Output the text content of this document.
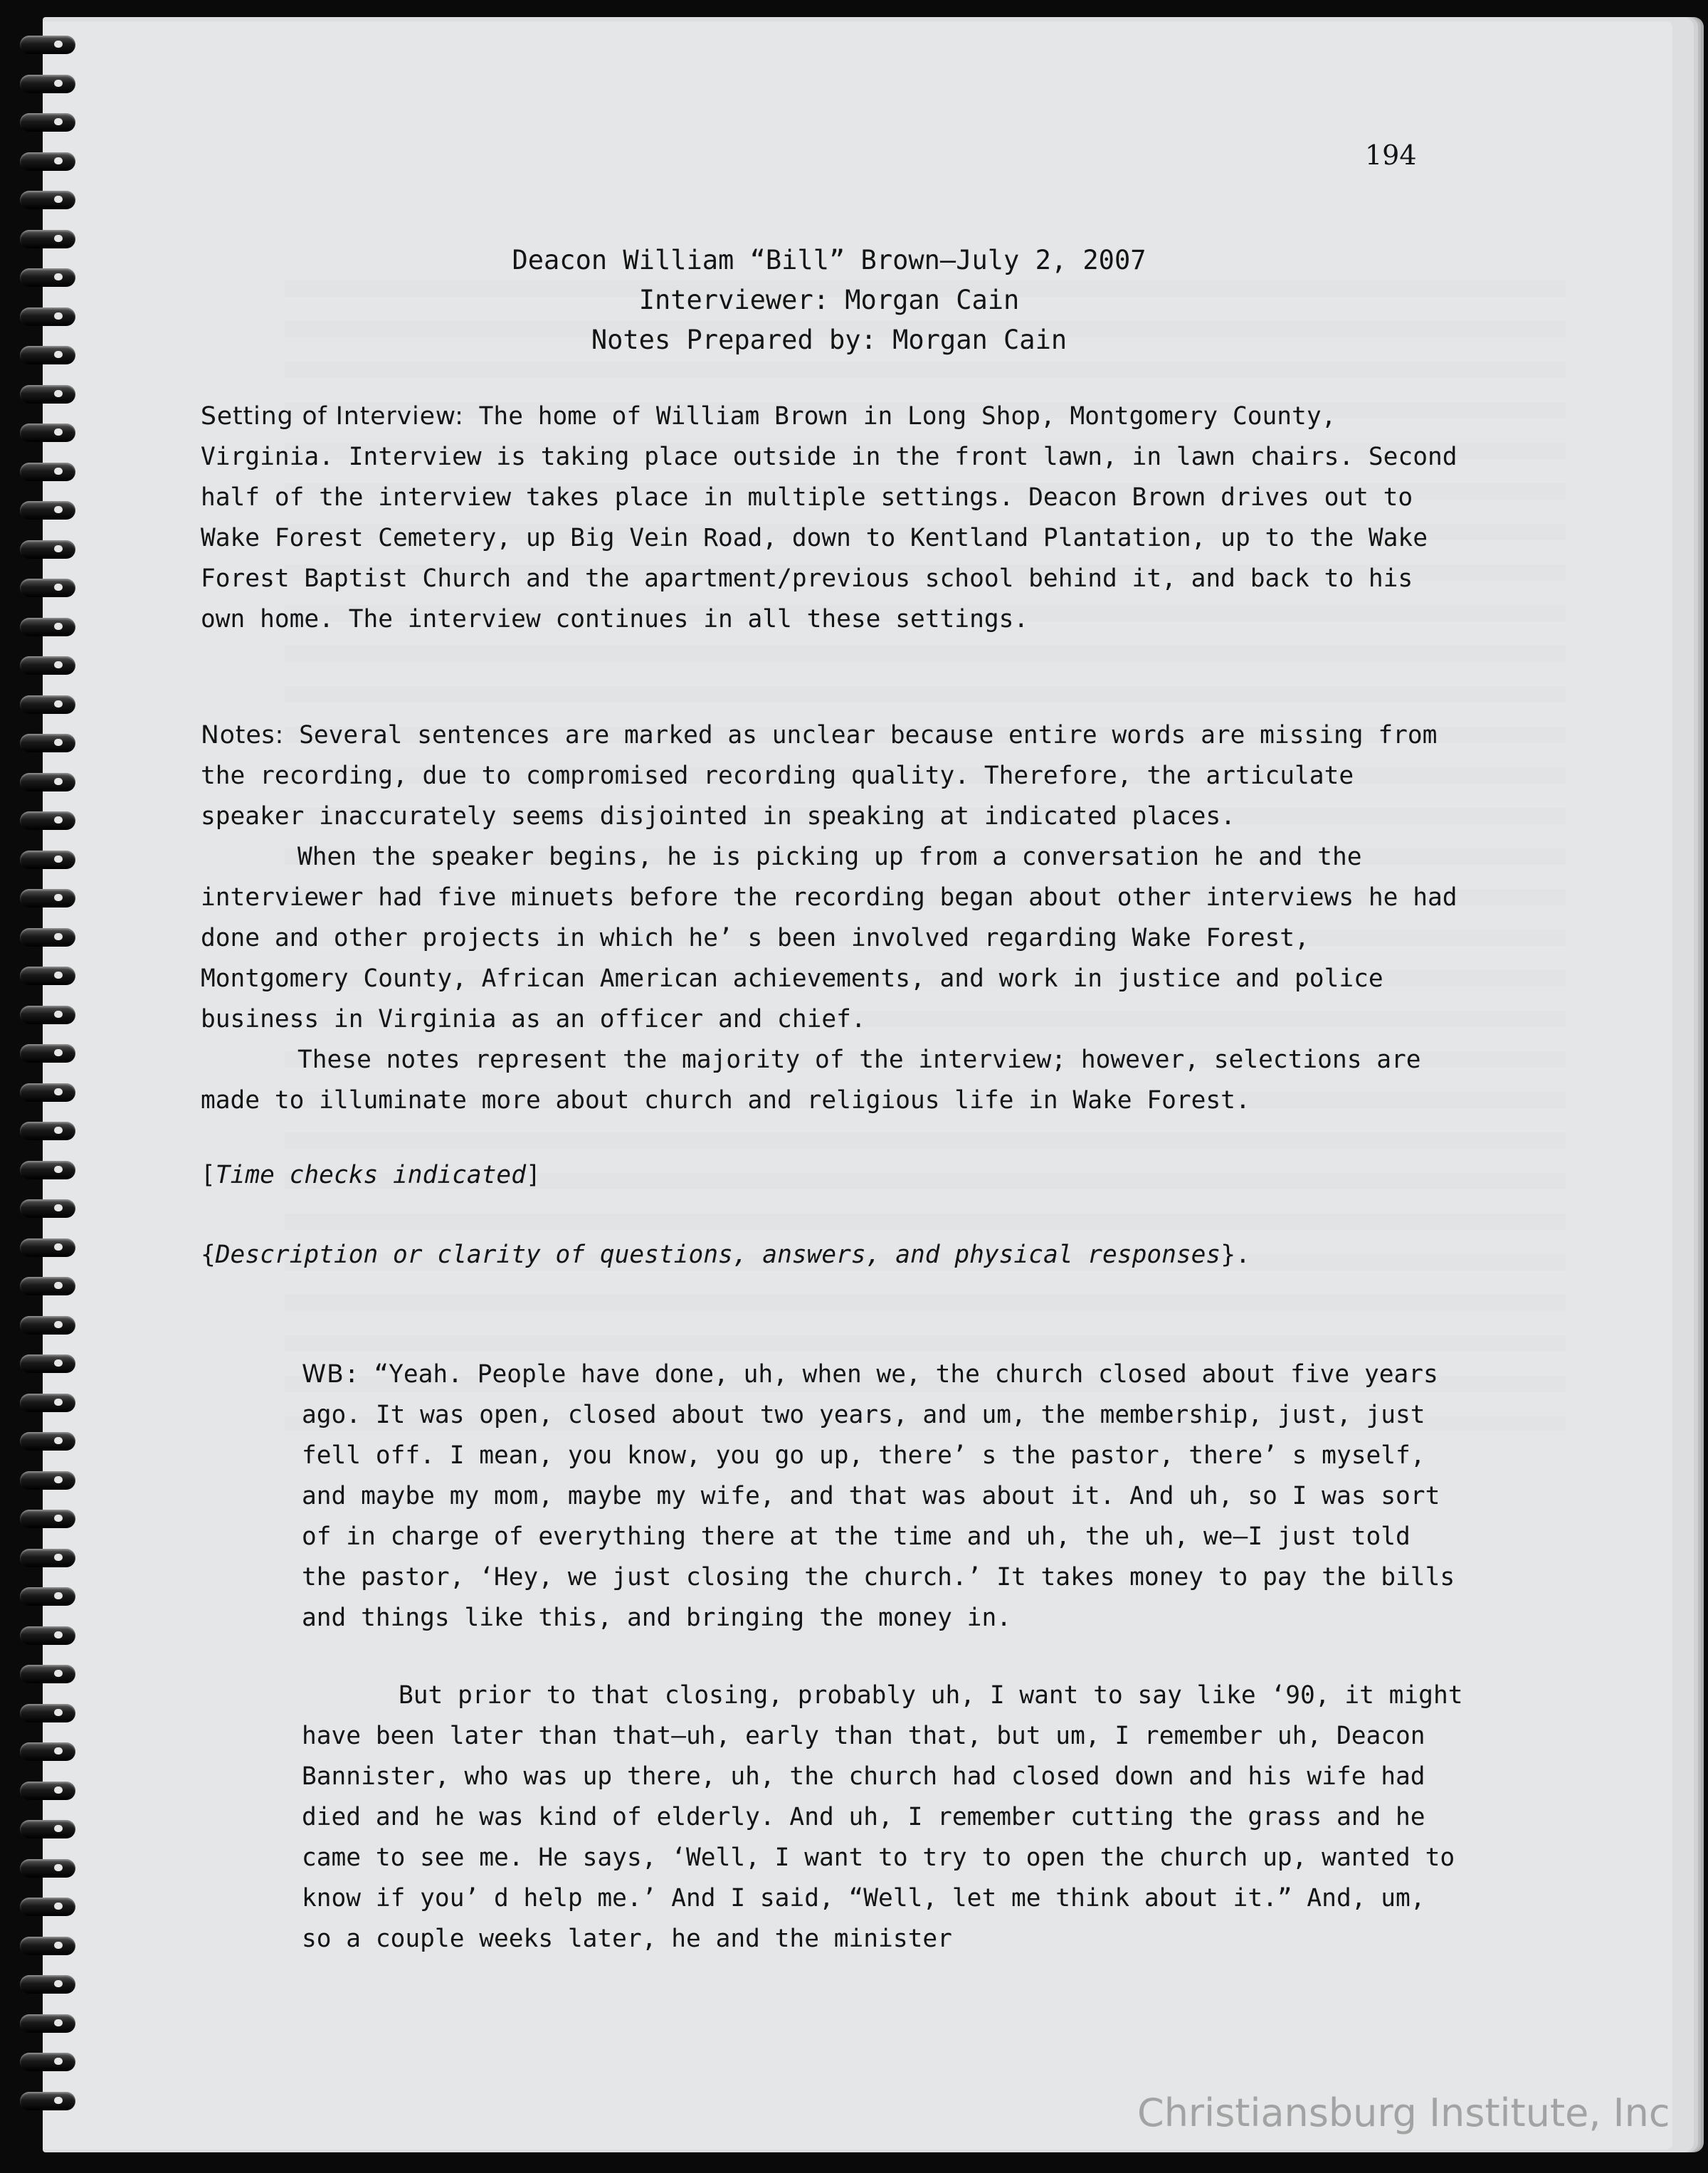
194
Deacon William “Bill” Brown—July 2, 2007
Interviewer: Morgan Cain
Notes Prepared by: Morgan Cain

Setting of Interview: The home of William Brown in Long Shop, Montgomery County, Virginia. Interview is taking place outside in the front lawn, in lawn chairs. Second half of the interview takes place in multiple settings. Deacon Brown drives out to Wake Forest Cemetery, up Big Vein Road, down to Kentland Plantation, up to the Wake Forest Baptist Church and the apartment/previous school behind it, and back to his own home. The interview continues in all these settings.

Notes: Several sentences are marked as unclear because entire words are missing from the recording, due to compromised recording quality. Therefore, the articulate speaker inaccurately seems disjointed in speaking at indicated places.

When the speaker begins, he is picking up from a conversation he and the interviewer had five minuets before the recording began about other interviews he had done and other projects in which he’ s been involved regarding Wake Forest, Montgomery County, African American achievements, and work in justice and police business in Virginia as an officer and chief.

These notes represent the majority of the interview; however, selections are made to illuminate more about church and religious life in Wake Forest.

[Time checks indicated]

{Description or clarity of questions, answers, and physical responses}.

WB: “Yeah. People have done, uh, when we, the church closed about five years ago. It was open, closed about two years, and um, the membership, just, just fell off. I mean, you know, you go up, there’ s the pastor, there’ s myself, and maybe my mom, maybe my wife, and that was about it. And uh, so I was sort of in charge of everything there at the time and uh, the uh, we—I just told the pastor, ‘Hey, we just closing the church.’ It takes money to pay the bills and things like this, and bringing the money in.

But prior to that closing, probably uh, I want to say like ‘90, it might have been later than that—uh, early than that, but um, I remember uh, Deacon Bannister, who was up there, uh, the church had closed down and his wife had died and he was kind of elderly. And uh, I remember cutting the grass and he came to see me. He says, ‘Well, I want to try to open the church up, wanted to know if you’ d help me.’ And I said, “Well, let me think about it.” And, um, so a couple weeks later, he and the minister

Christiansburg Institute, Inc
